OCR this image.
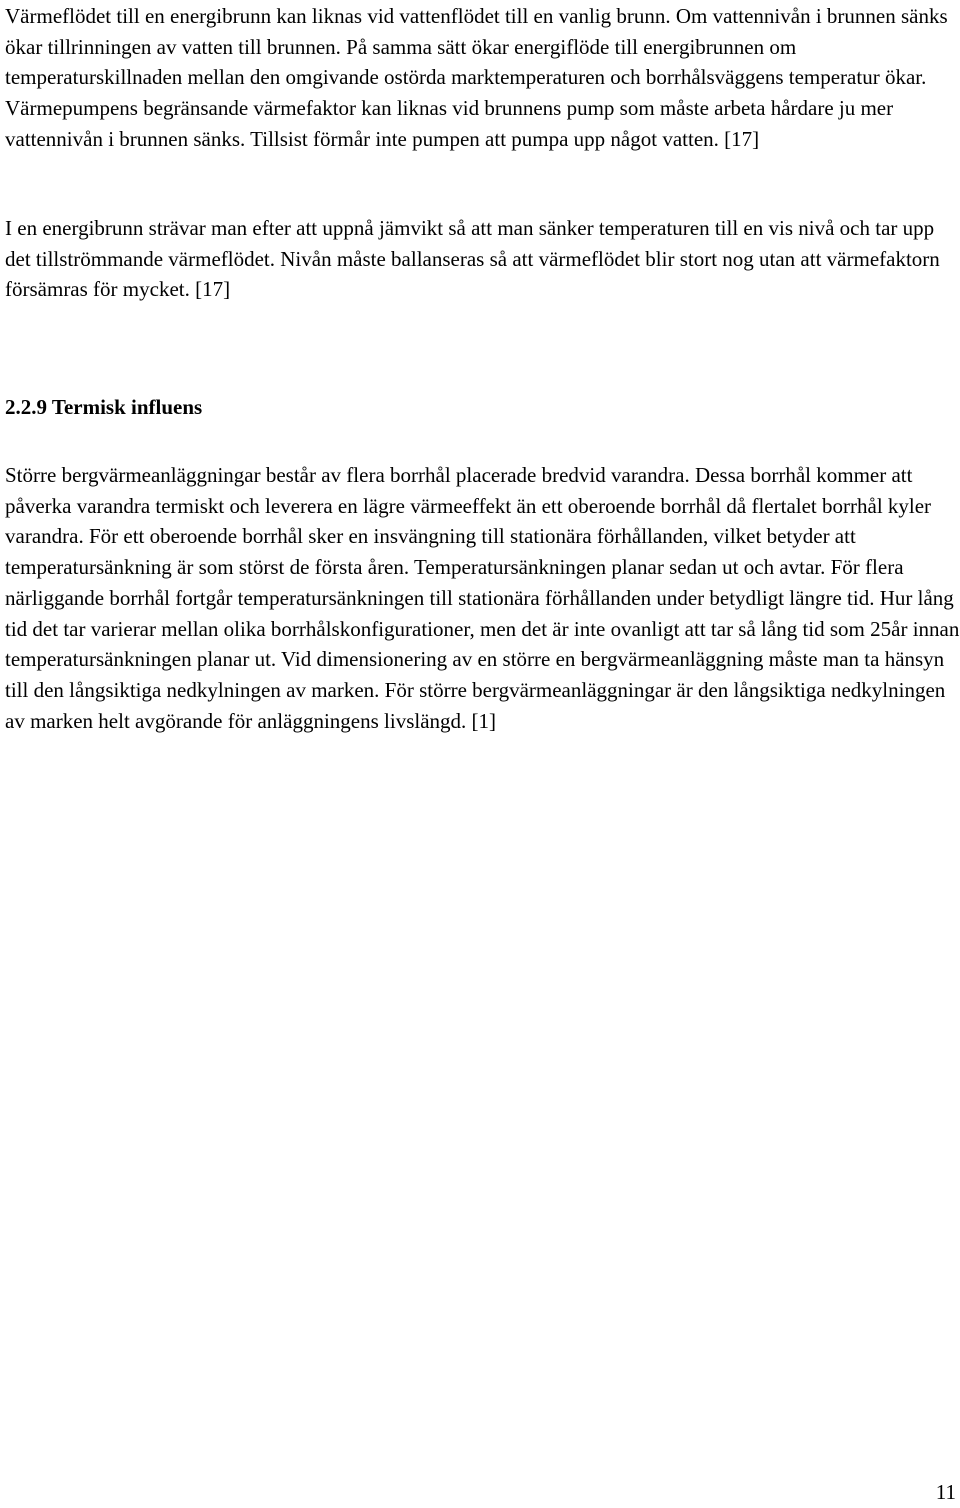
Värmeflödet till en energibrunn kan liknas vid vattenflödet till en vanlig brunn. Om vattennivån i brunnen sänks ökar tillrinningen av vatten till brunnen. På samma sätt ökar energiflöde till energibrunnen om temperaturskillnaden mellan den omgivande ostörda marktemperaturen och borrhålsväggens temperatur ökar. Värmepumpens begränsande värmefaktor kan liknas vid brunnens pump som måste arbeta hårdare ju mer vattennivån i brunnen sänks. Tillsist förmår inte pumpen att pumpa upp något vatten. [17]

I en energibrunn strävar man efter att uppnå jämvikt så att man sänker temperaturen till en vis nivå och tar upp det tillströmmande värmeflödet. Nivån måste ballanseras så att värmeflödet blir stort nog utan att värmefaktorn försämras för mycket. [17]

2.2.9 Termisk influens

Större bergvärmeanläggningar består av flera borrhål placerade bredvid varandra. Dessa borrhål kommer att påverka varandra termiskt och leverera en lägre värmeeffekt än ett oberoende borrhål då flertalet borrhål kyler varandra. För ett oberoende borrhål sker en insvängning till stationära förhållanden, vilket betyder att temperatursänkning är som störst de första åren. Temperatursänkningen planar sedan ut och avtar. För flera närliggande borrhål fortgår temperatursänkningen till stationära förhållanden under betydligt längre tid. Hur lång tid det tar varierar mellan olika borrhålskonfigurationer, men det är inte ovanligt att tar så lång tid som 25år innan temperatursänkningen planar ut. Vid dimensionering av en större en bergvärmeanläggning måste man ta hänsyn till den långsiktiga nedkylningen av marken. För större bergvärmeanläggningar är den långsiktiga nedkylningen av marken helt avgörande för anläggningens livslängd. [1]

11
